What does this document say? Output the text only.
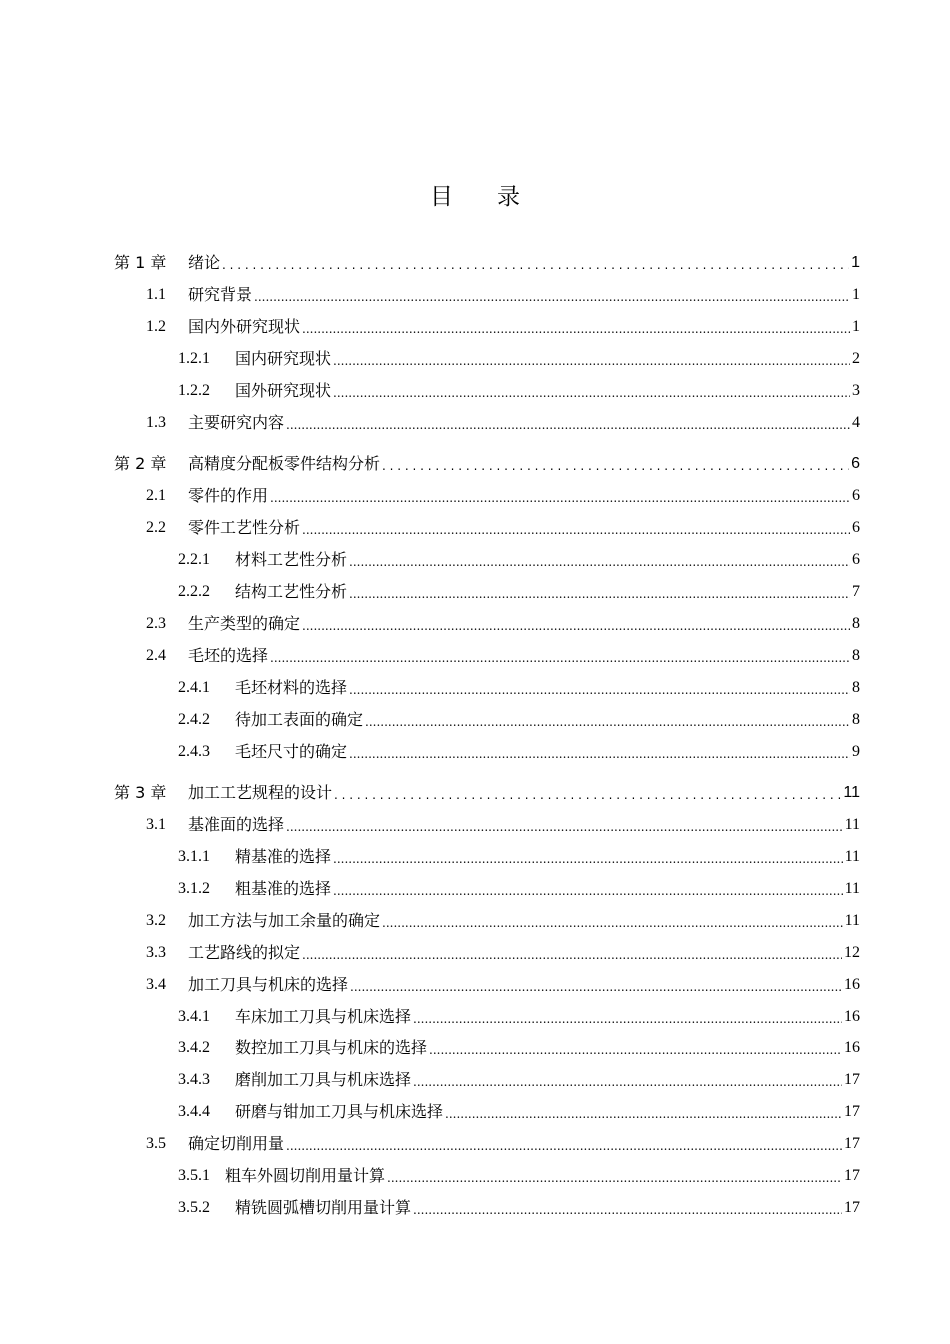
目 录
第 1 章	绪论 . . .	1
1.1	研究背景 .....	1
1.2	国内外研究现状 .....	1
1.2.1	国内研究现状 .....	2
1.2.2	国外研究现状 .....	3
1.3	主要研究内容 .....	4
第 2 章	高精度分配板零件结构分析 . . .	6
2.1	零件的作用 .....	6
2.2	零件工艺性分析 .....	6
2.2.1	材料工艺性分析 .....	6
2.2.2	结构工艺性分析 .....	7
2.3	生产类型的确定 .....	8
2.4	毛坯的选择 .....	8
2.4.1	毛坯材料的选择 .....	8
2.4.2	待加工表面的确定 .....	8
2.4.3	毛坯尺寸的确定 .....	9
第 3 章	加工工艺规程的设计 . . .	11
3.1	基准面的选择 .....	11
3.1.1	精基准的选择 .....	11
3.1.2	粗基准的选择 .....	11
3.2	加工方法与加工余量的确定 .....	11
3.3	工艺路线的拟定 .....	12
3.4	加工刀具与机床的选择 .....	16
3.4.1	车床加工刀具与机床选择 .....	16
3.4.2	数控加工刀具与机床的选择 .....	16
3.4.3	磨削加工刀具与机床选择 .....	17
3.4.4	研磨与钳加工刀具与机床选择 .....	17
3.5	确定切削用量 .....	17
3.5.1 粗车外圆切削用量计算 .....	17
3.5.2	精铣圆弧槽切削用量计算 .....	17
